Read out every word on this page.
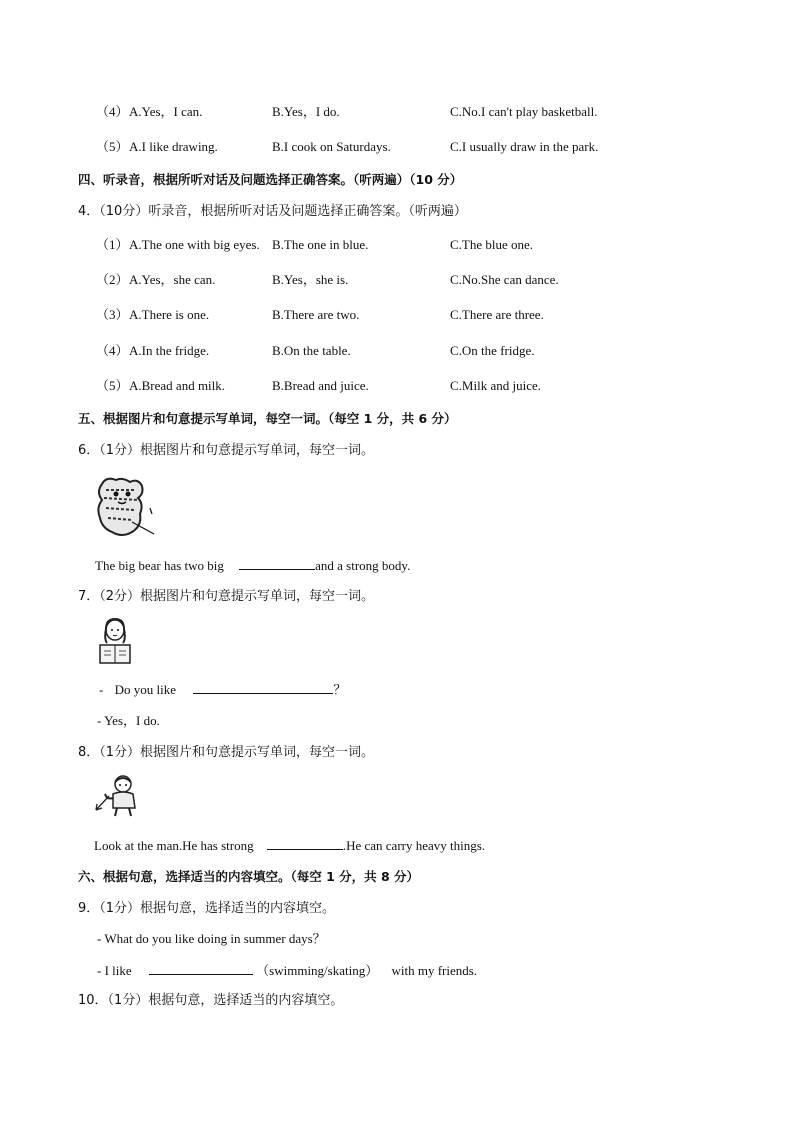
（4） A.Yes，I can.	B.Yes，I do.	C.No.I can't play basketball.
（5） A.I like drawing.	B.I cook on Saturdays.	C.I usually draw in the park.
四、听录音，根据所听对话及问题选择正确答案。（听两遍）（10 分）
4．（10分）听录音，根据所听对话及问题选择正确答案。（听两遍）
（1） A.The one with big eyes. B.The one in blue.	C.The blue one.
（2） A.Yes，she can.	B.Yes，she is.	C.No.She can dance.
（3） A.There is one.	B.There are two.	C.There are three.
（4） A.In the fridge.	B.On the table.	C.On the fridge.
（5） A.Bread and milk.	B.Bread and juice.	C.Milk and juice.
五、根据图片和句意提示写单词，每空一词。（每空 1 分，共 6 分）
6．（1分）根据图片和句意提示写单词，每空一词。
The big bear has two big	and a strong body.
7．（2分）根据图片和句意提示写单词，每空一词。
- Do you like	？
- Yes，I do.
8．（1分）根据图片和句意提示写单词，每空一词。
Look at the man.He has strong	.He can carry heavy things.
六、根据句意，选择适当的内容填空。（每空 1 分，共 8 分）
9．（1分）根据句意，选择适当的内容填空。
- What do you like doing in summer days？
- I like	（swimming/skating） with my friends.
10．（1分）根据句意，选择适当的内容填空。
